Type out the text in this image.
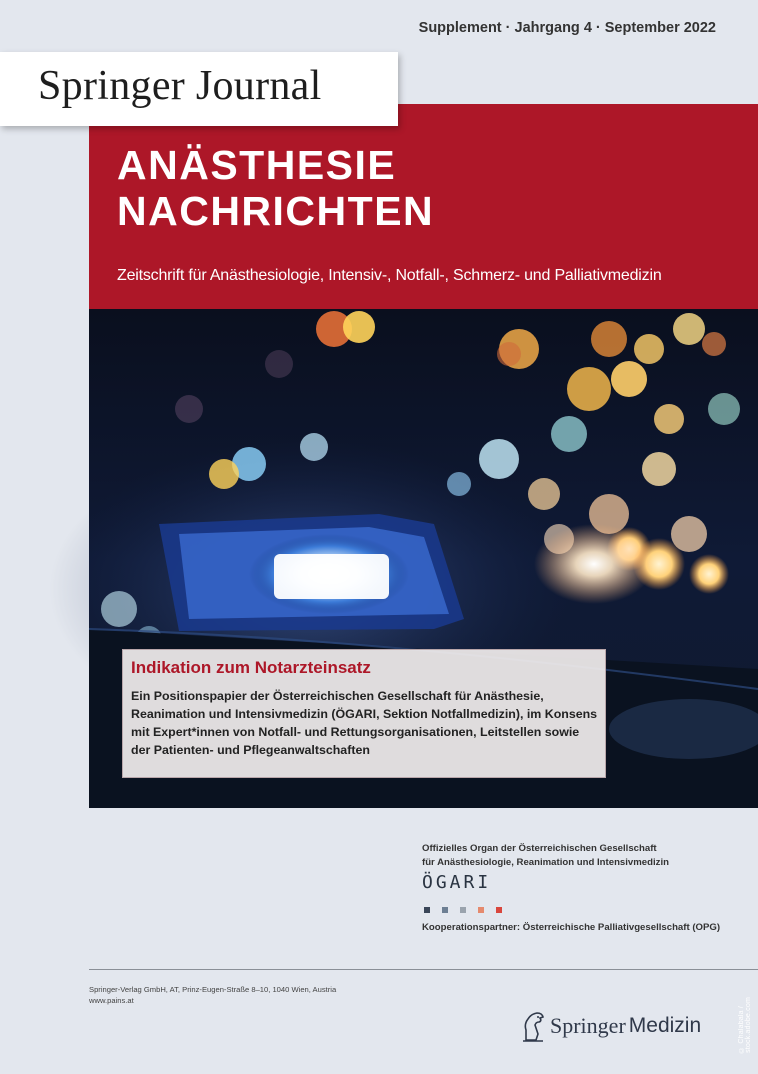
Supplement · Jahrgang 4 · September 2022
Springer Journal
ANÄSTHESIE
NACHRICHTEN
Zeitschrift für Anästhesiologie, Intensiv-, Notfall-, Schmerz- und Palliativmedizin
© Chalabala / stock.adobe.com
Indikation zum Notarzteinsatz
Ein Positionspapier der Österreichischen Gesellschaft für Anästhesie, Reanimation und Intensivmedizin (ÖGARI, Sektion Notfallmedizin), im Konsens mit Expert*innen von Notfall- und Rettungsorganisationen, Leitstellen sowie der Patienten- und Pflegeanwaltschaften
Offizielles Organ der Österreichischen Gesellschaft
für Anästhesiologie, Reanimation und Intensivmedizin
ÖGARI
Kooperationspartner: Österreichische Palliativgesellschaft (OPG)
Springer-Verlag GmbH, AT, Prinz-Eugen-Straße 8–10, 1040 Wien, Austria
www.pains.at
Springer Medizin
